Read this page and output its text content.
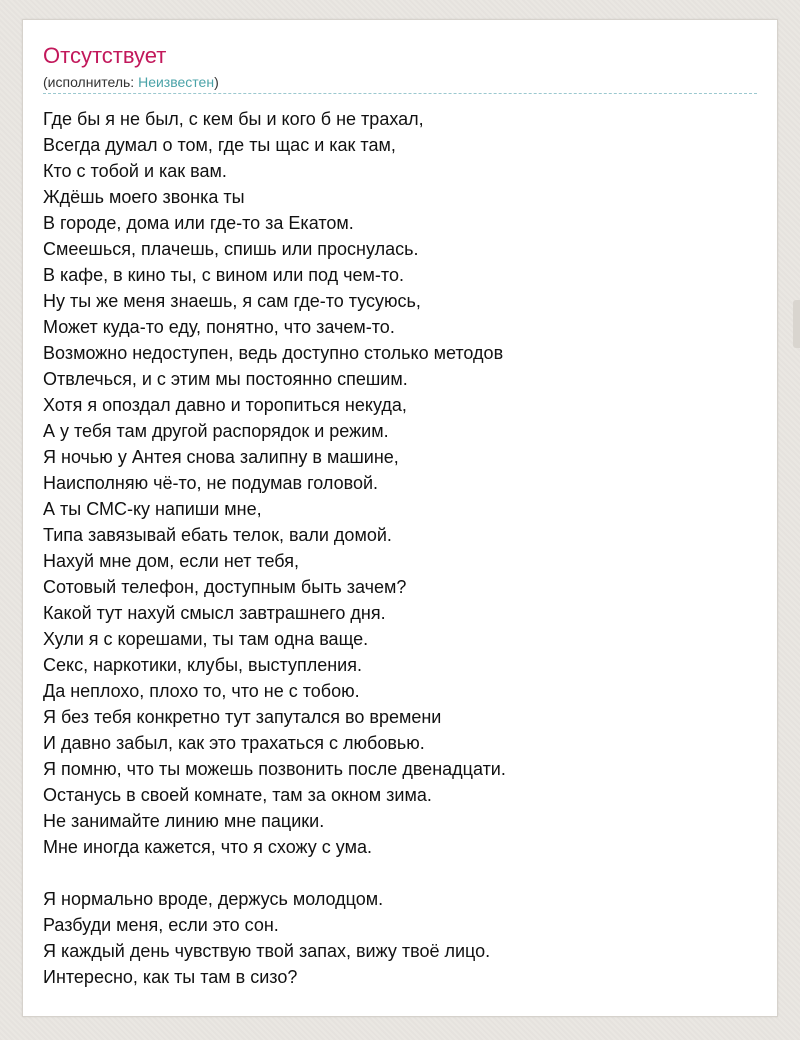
Отсутствует
(исполнитель: Неизвестен)

Где бы я не был, с кем бы и кого б не трахал,

Всегда думал о том, где ты щас и как там,

Кто с тобой и как вам.

Ждёшь моего звонка ты

В городе, дома или где-то за Екатом.

Смеешься, плачешь, спишь или проснулась.

В кафе, в кино ты, с вином или под чем-то.

Ну ты же меня знаешь, я сам где-то тусуюсь,

Может куда-то еду, понятно, что зачем-то.

Возможно недоступен, ведь доступно столько методов

Отвлечься, и с этим мы постоянно спешим.

Хотя я опоздал давно и торопиться некуда,

А у тебя там другой распорядок и режим.

Я ночью у Антея снова залипну в машине,

Наисполняю чё-то, не подумав головой.

А ты СМС-ку напиши мне,

Типа завязывай ебать телок, вали домой.

Нахуй мне дом, если нет тебя,

Сотовый телефон, доступным быть зачем?

Какой тут нахуй смысл завтрашнего дня.

Хули я с корешами, ты там одна ваще.

Секс, наркотики, клубы, выступления.

Да неплохо, плохо то, что не с тобою.

Я без тебя конкретно тут запутался во времени

И давно забыл, как это трахаться с любовью.

Я помню, что ты можешь позвонить после двенадцати.

Останусь в своей комнате, там за окном зима.

Не занимайте линию мне пацики.

Мне иногда кажется, что я схожу с ума.

Я нормально вроде, держусь молодцом.

Разбуди меня, если это сон.

Я каждый день чувствую твой запах, вижу твоё лицо.

Интересно, как ты там в сизо?
